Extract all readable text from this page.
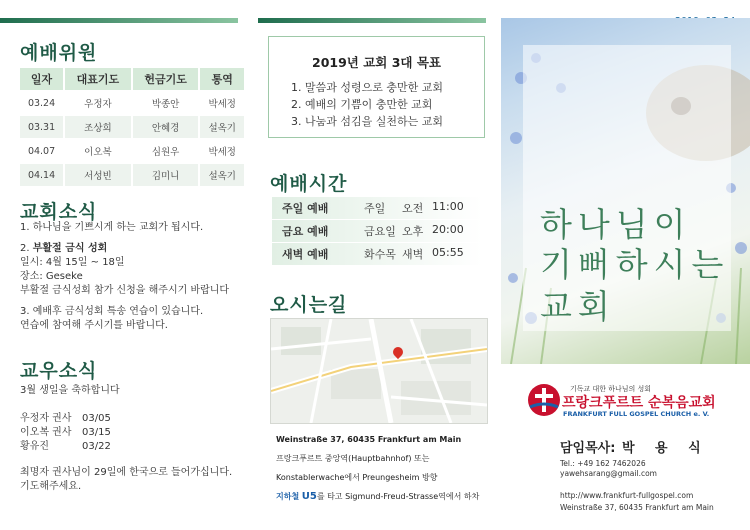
예배위원
일자	대표기도	헌금기도	통역
03.24	우정자	박종안	박세정
03.31	조상희	안혜경	설옥기
04.07	이오복	심원우	박세정
04.14	서성빈	김미니	설옥기
교회소식
1. 하나님을 기쁘시게 하는 교회가 됩시다.
2. 부활절 금식 성회
일시: 4월 15일 ~ 18일
장소: Geseke
부활절 금식성회 참가 신청을 해주시기 바랍니다
3. 예배후 금식성회 특송 연습이 있습니다.
연습에 참여해 주시기를 바랍니다.
교우소식
3월 생일을 축하합니다
우정자 권사 03/05
이오복 권사 03/15
황유진	03/22
최명자 권사님이 29일에 한국으로 들어가십니다.
기도해주세요.
2019년 교회 3대 목표
1. 말씀과 성령으로 충만한 교회
2. 예배의 기쁨이 충만한 교회
3. 나눔과 섬김을 실천하는 교회
예배시간
주일 예배	주일 오전 11:00
금요 예배	금요일 오후 20:00
새벽 예배	화수목 새벽 05:55
오시는길
Weinstraße 37, 60435 Frankfurt am Main
프랑크푸르트 중앙역(Hauptbahnhof) 또는
Konstablerwache에서 Preungesheim 방향
지하철 U5를 타고 Sigmund-Freud-Strasse역에서 하차
하나님이
기뻐하시는
교회
기독교 대한 하나님의 성회
프랑크푸르트 순복음교회
FRANKFURT FULL GOSPEL CHURCH e. V.
담임목사: 박 용 식
Tel.: +49 162 7462026
yawehsarang@gmail.com
http://www.frankfurt-fullgospel.com
Weinstraße 37, 60435 Frankfurt am Main
